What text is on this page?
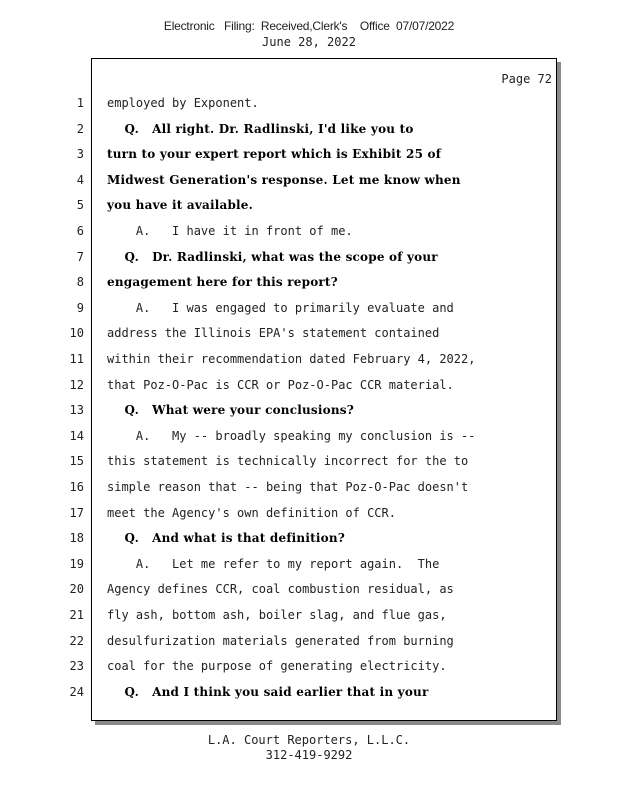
Electronic   Filing:  Received,Clerk's    Office  07/07/2022
June 28, 2022
Page 72
1 employed by Exponent.
2 Q.   All right. Dr. Radlinski, I'd like you to
3 turn to your expert report which is Exhibit 25 of
4 Midwest Generation's response. Let me know when
5 you have it available.
6 A.   I have it in front of me.
7 Q.   Dr. Radlinski, what was the scope of your
8 engagement here for this report?
9 A.   I was engaged to primarily evaluate and
10 address the Illinois EPA's statement contained
11 within their recommendation dated February 4, 2022,
12 that Poz-O-Pac is CCR or Poz-O-Pac CCR material.
13 Q.   What were your conclusions?
14 A.   My -- broadly speaking my conclusion is --
15 this statement is technically incorrect for the to
16 simple reason that -- being that Poz-O-Pac doesn't
17 meet the Agency's own definition of CCR.
18 Q.   And what is that definition?
19 A.   Let me refer to my report again.  The
20 Agency defines CCR, coal combustion residual, as
21 fly ash, bottom ash, boiler slag, and flue gas,
22 desulfurization materials generated from burning
23 coal for the purpose of generating electricity.
24 Q.   And I think you said earlier that in your
L.A. Court Reporters, L.L.C.
312-419-9292
